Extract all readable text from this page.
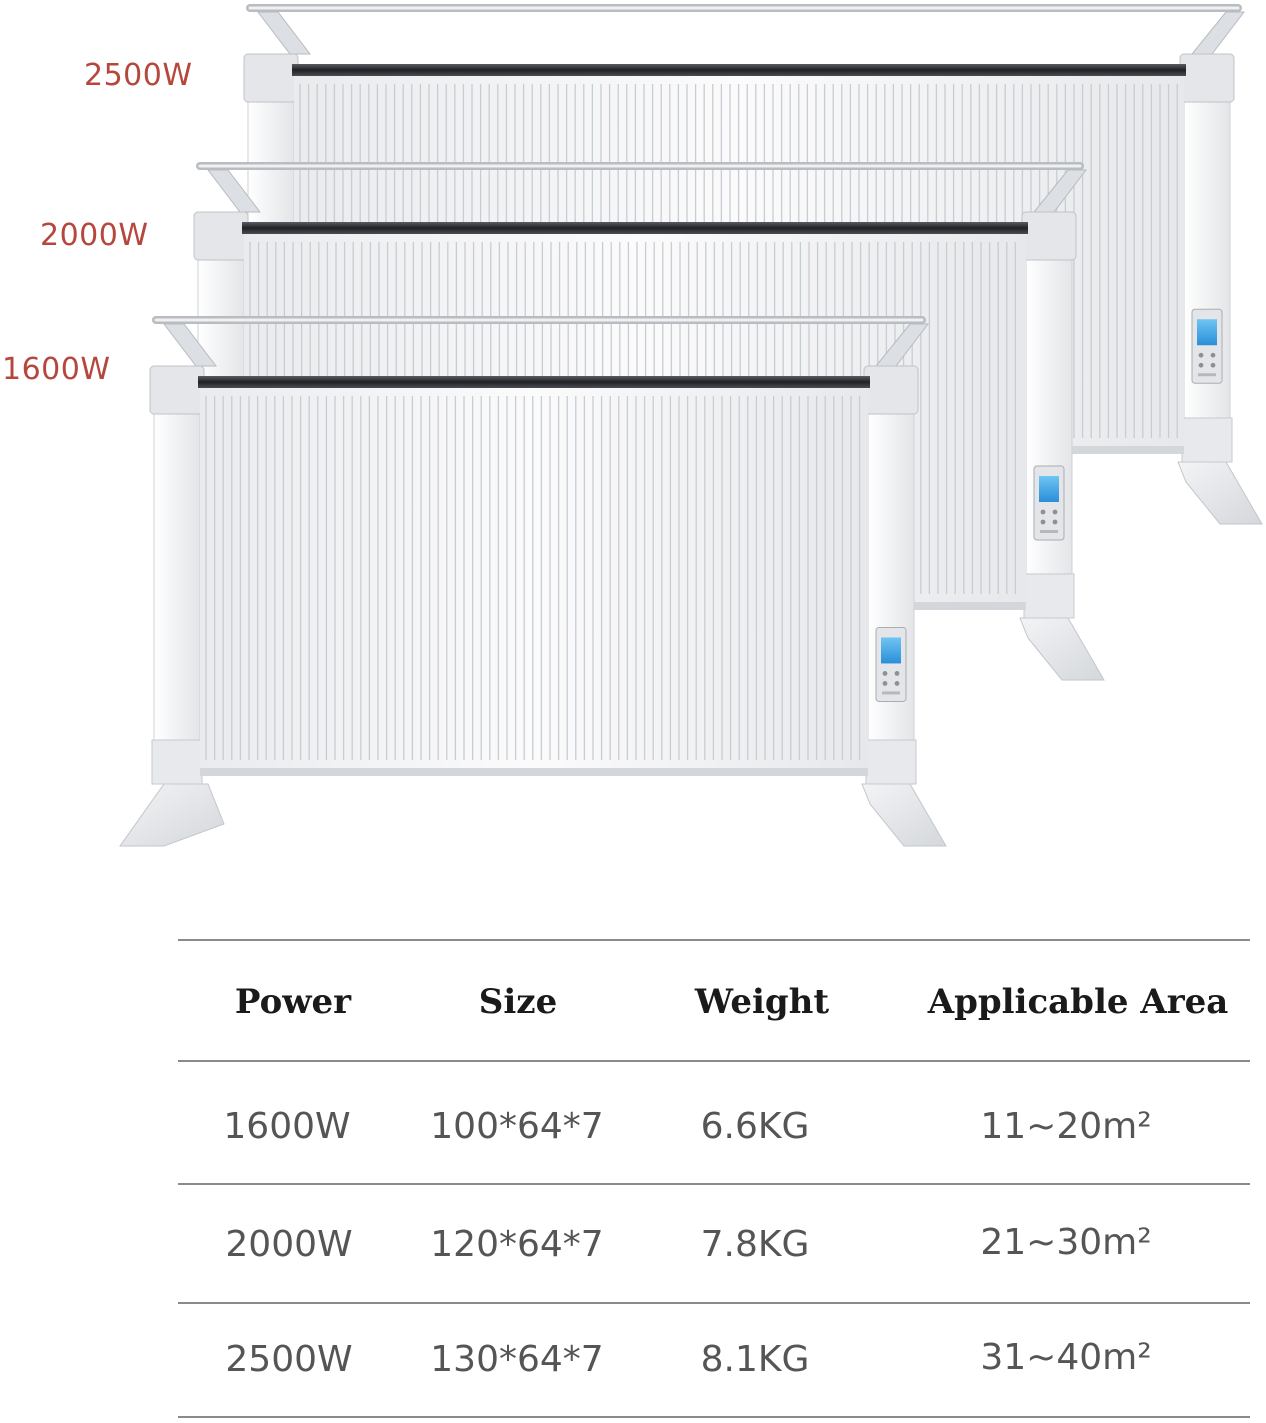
2500W
2000W
1600W
Power	Size	Weight	Applicable Area
1600W 100*64*7	6.6KG	11~20m²
2000W 120*64*7	7.8KG	21~30m²
2500W 130*64*7	8.1KG	31~40m²
